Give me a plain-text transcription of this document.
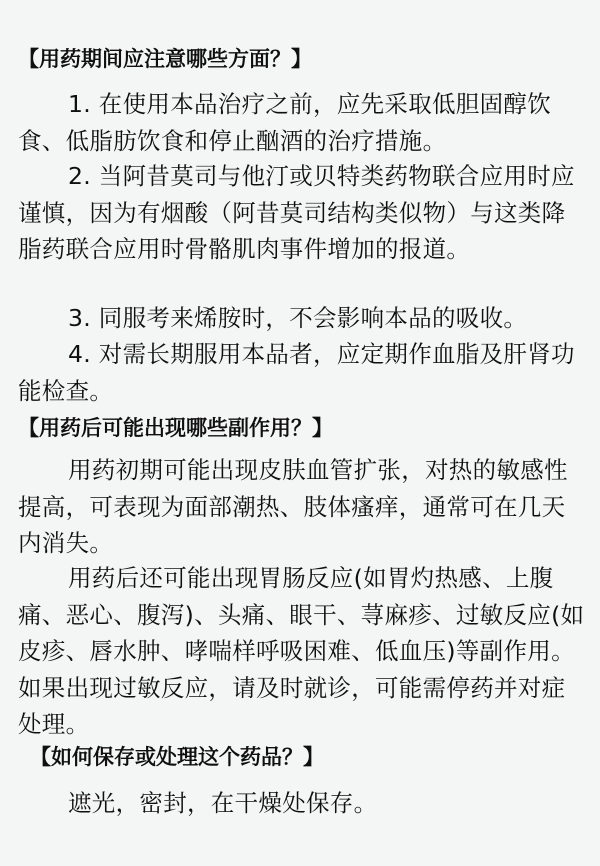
【用药期间应注意哪些方面？】
1. 在使用本品治疗之前，应先采取低胆固醇饮食、低脂肪饮食和停止酗酒的治疗措施。
2. 当阿昔莫司与他汀或贝特类药物联合应用时应谨慎，因为有烟酸（阿昔莫司结构类似物）与这类降脂药联合应用时骨骼肌肉事件增加的报道。
3. 同服考来烯胺时，不会影响本品的吸收。
4. 对需长期服用本品者，应定期作血脂及肝肾功能检查。
【用药后可能出现哪些副作用？】
用药初期可能出现皮肤血管扩张，对热的敏感性提高，可表现为面部潮热、肢体瘙痒，通常可在几天内消失。
用药后还可能出现胃肠反应(如胃灼热感、上腹痛、恶心、腹泻)、头痛、眼干、荨麻疹、过敏反应(如皮疹、唇水肿、哮喘样呼吸困难、低血压)等副作用。如果出现过敏反应，请及时就诊，可能需停药并对症处理。
【如何保存或处理这个药品？】
遮光，密封，在干燥处保存。
